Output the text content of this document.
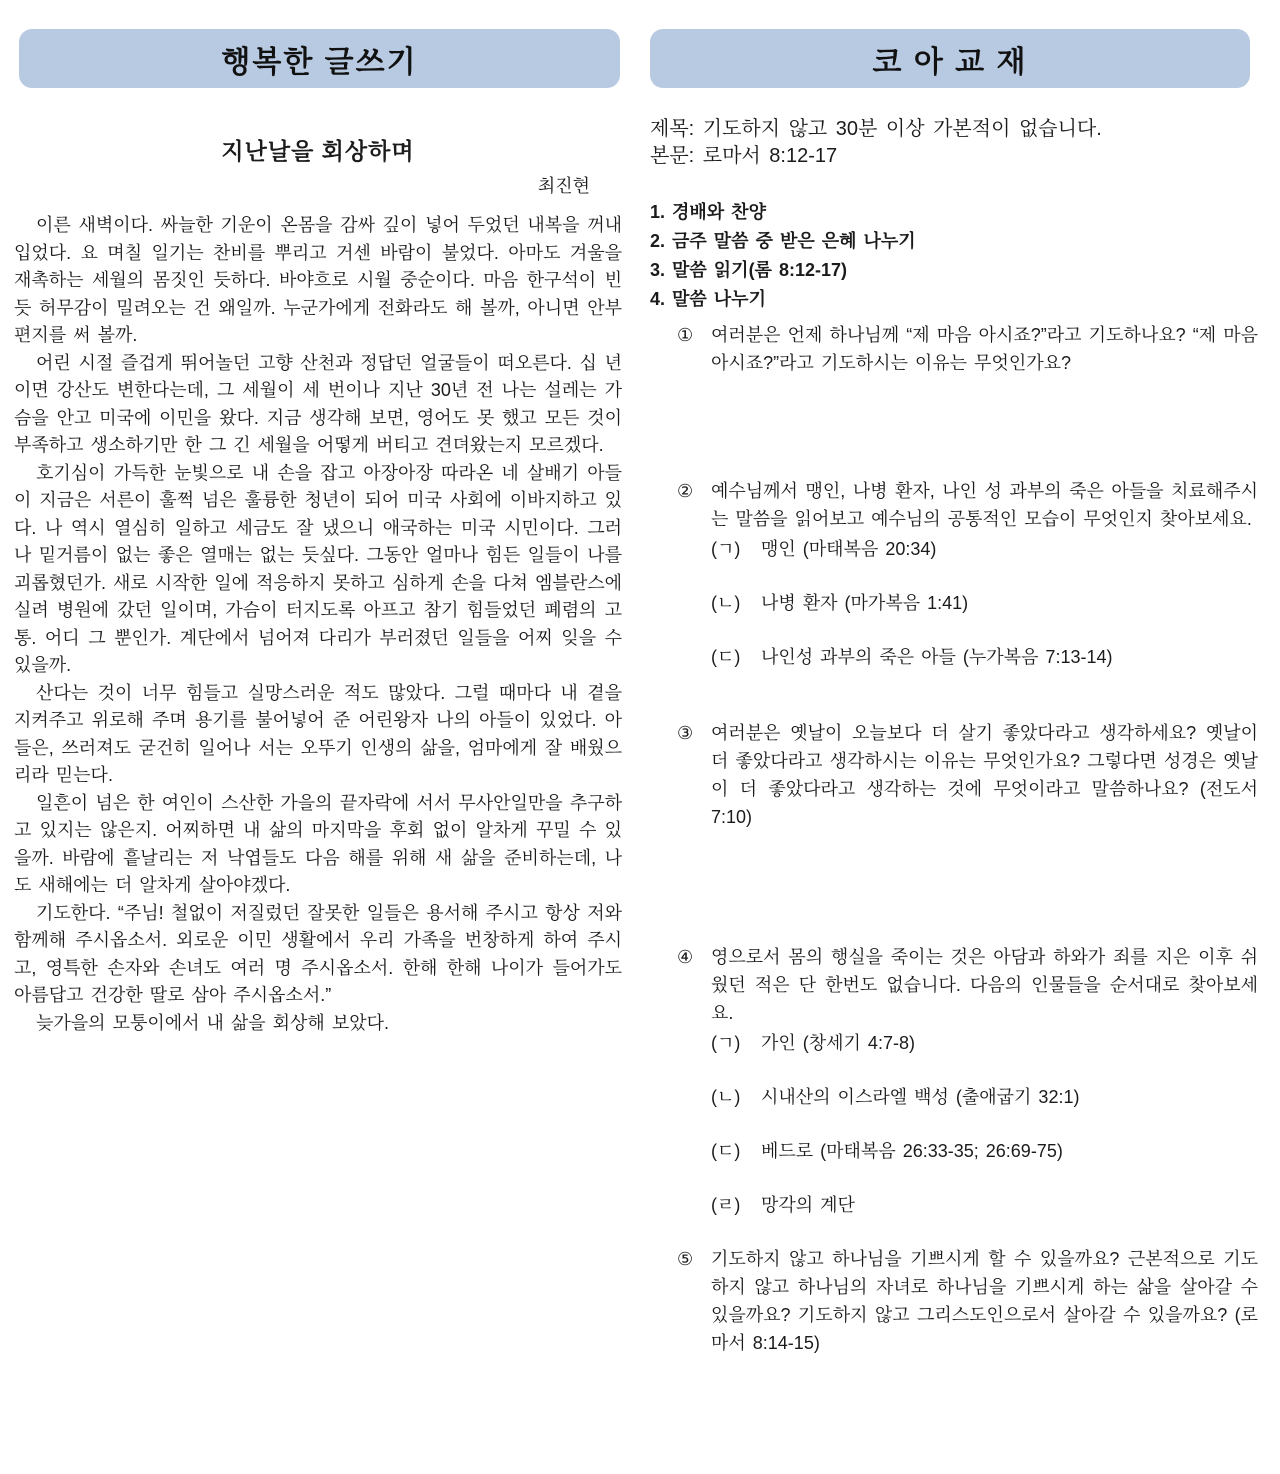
행복한 글쓰기
지난날을 회상하며
최진현

이른 새벽이다. 싸늘한 기운이 온몸을 감싸 깊이 넣어 두었던 내복을 꺼내 입었다. 요 며칠 일기는 찬비를 뿌리고 거센 바람이 불었다. 아마도 겨울을 재촉하는 세월의 몸짓인 듯하다. 바야흐로 시월 중순이다. 마음 한구석이 빈 듯 허무감이 밀려오는 건 왜일까. 누군가에게 전화라도 해 볼까, 아니면 안부 편지를 써 볼까.

어린 시절 즐겁게 뛰어놀던 고향 산천과 정답던 얼굴들이 떠오른다. 십 년이면 강산도 변한다는데, 그 세월이 세 번이나 지난 30년 전 나는 설레는 가슴을 안고 미국에 이민을 왔다. 지금 생각해 보면, 영어도 못 했고 모든 것이 부족하고 생소하기만 한 그 긴 세월을 어떻게 버티고 견뎌왔는지 모르겠다.

호기심이 가득한 눈빛으로 내 손을 잡고 아장아장 따라온 네 살배기 아들이 지금은 서른이 훌쩍 넘은 훌륭한 청년이 되어 미국 사회에 이바지하고 있다. 나 역시 열심히 일하고 세금도 잘 냈으니 애국하는 미국 시민이다. 그러나 밑거름이 없는 좋은 열매는 없는 듯싶다. 그동안 얼마나 힘든 일들이 나를 괴롭혔던가. 새로 시작한 일에 적응하지 못하고 심하게 손을 다쳐 엠블란스에 실려 병원에 갔던 일이며, 가슴이 터지도록 아프고 참기 힘들었던 폐렴의 고통. 어디 그 뿐인가. 계단에서 넘어져 다리가 부러졌던 일들을 어찌 잊을 수 있을까.

산다는 것이 너무 힘들고 실망스러운 적도 많았다. 그럴 때마다 내 곁을 지켜주고 위로해 주며 용기를 불어넣어 준 어린왕자 나의 아들이 있었다. 아들은, 쓰러져도 굳건히 일어나 서는 오뚜기 인생의 삶을, 엄마에게 잘 배웠으리라 믿는다.

일흔이 넘은 한 여인이 스산한 가을의 끝자락에 서서 무사안일만을 추구하고 있지는 않은지. 어찌하면 내 삶의 마지막을 후회 없이 알차게 꾸밀 수 있을까. 바람에 흩날리는 저 낙엽들도 다음 해를 위해 새 삶을 준비하는데, 나도 새해에는 더 알차게 살아야겠다.

기도한다. “주님! 철없이 저질렀던 잘못한 일들은 용서해 주시고 항상 저와 함께해 주시옵소서. 외로운 이민 생활에서 우리 가족을 번창하게 하여 주시고, 영특한 손자와 손녀도 여러 명 주시옵소서. 한해 한해 나이가 들어가도 아름답고 건강한 딸로 삼아 주시옵소서.”

늦가을의 모퉁이에서 내 삶을 회상해 보았다.

코 아 교 재
제목: 기도하지 않고 30분 이상 가본적이 없습니다.
본문: 로마서 8:12-17
1. 경배와 찬양
2. 금주 말씀 중 받은 은혜 나누기
3. 말씀 읽기(롬 8:12-17)
4. 말씀 나누기
① 여러분은 언제 하나님께 “제 마음 아시죠?”라고 기도하나요? “제 마음 아시죠?”라고 기도하시는 이유는 무엇인가요?
② 예수님께서 맹인, 나병 환자, 나인 성 과부의 죽은 아들을 치료해주시는 말씀을 읽어보고 예수님의 공통적인 모습이 무엇인지 찾아보세요.
(ㄱ)	맹인 (마태복음 20:34)
(ㄴ)	나병 환자 (마가복음 1:41)
(ㄷ)	나인성 과부의 죽은 아들 (누가복음 7:13-14)
③ 여러분은 옛날이 오늘보다 더 살기 좋았다라고 생각하세요? 옛날이 더 좋았다라고 생각하시는 이유는 무엇인가요? 그렇다면 성경은 옛날이 더 좋았다라고 생각하는 것에 무엇이라고 말씀하나요? (전도서 7:10)
④ 영으로서 몸의 행실을 죽이는 것은 아담과 하와가 죄를 지은 이후 쉬웠던 적은 단 한번도 없습니다. 다음의 인물들을 순서대로 찾아보세요.
(ㄱ)	가인 (창세기 4:7-8)
(ㄴ)	시내산의 이스라엘 백성 (출애굽기 32:1)
(ㄷ)	베드로 (마태복음 26:33-35; 26:69-75)
(ㄹ)	망각의 계단
⑤ 기도하지 않고 하나님을 기쁘시게 할 수 있을까요? 근본적으로 기도하지 않고 하나님의 자녀로 하나님을 기쁘시게 하는 삶을 살아갈 수 있을까요? 기도하지 않고 그리스도인으로서 살아갈 수 있을까요? (로마서 8:14-15)
